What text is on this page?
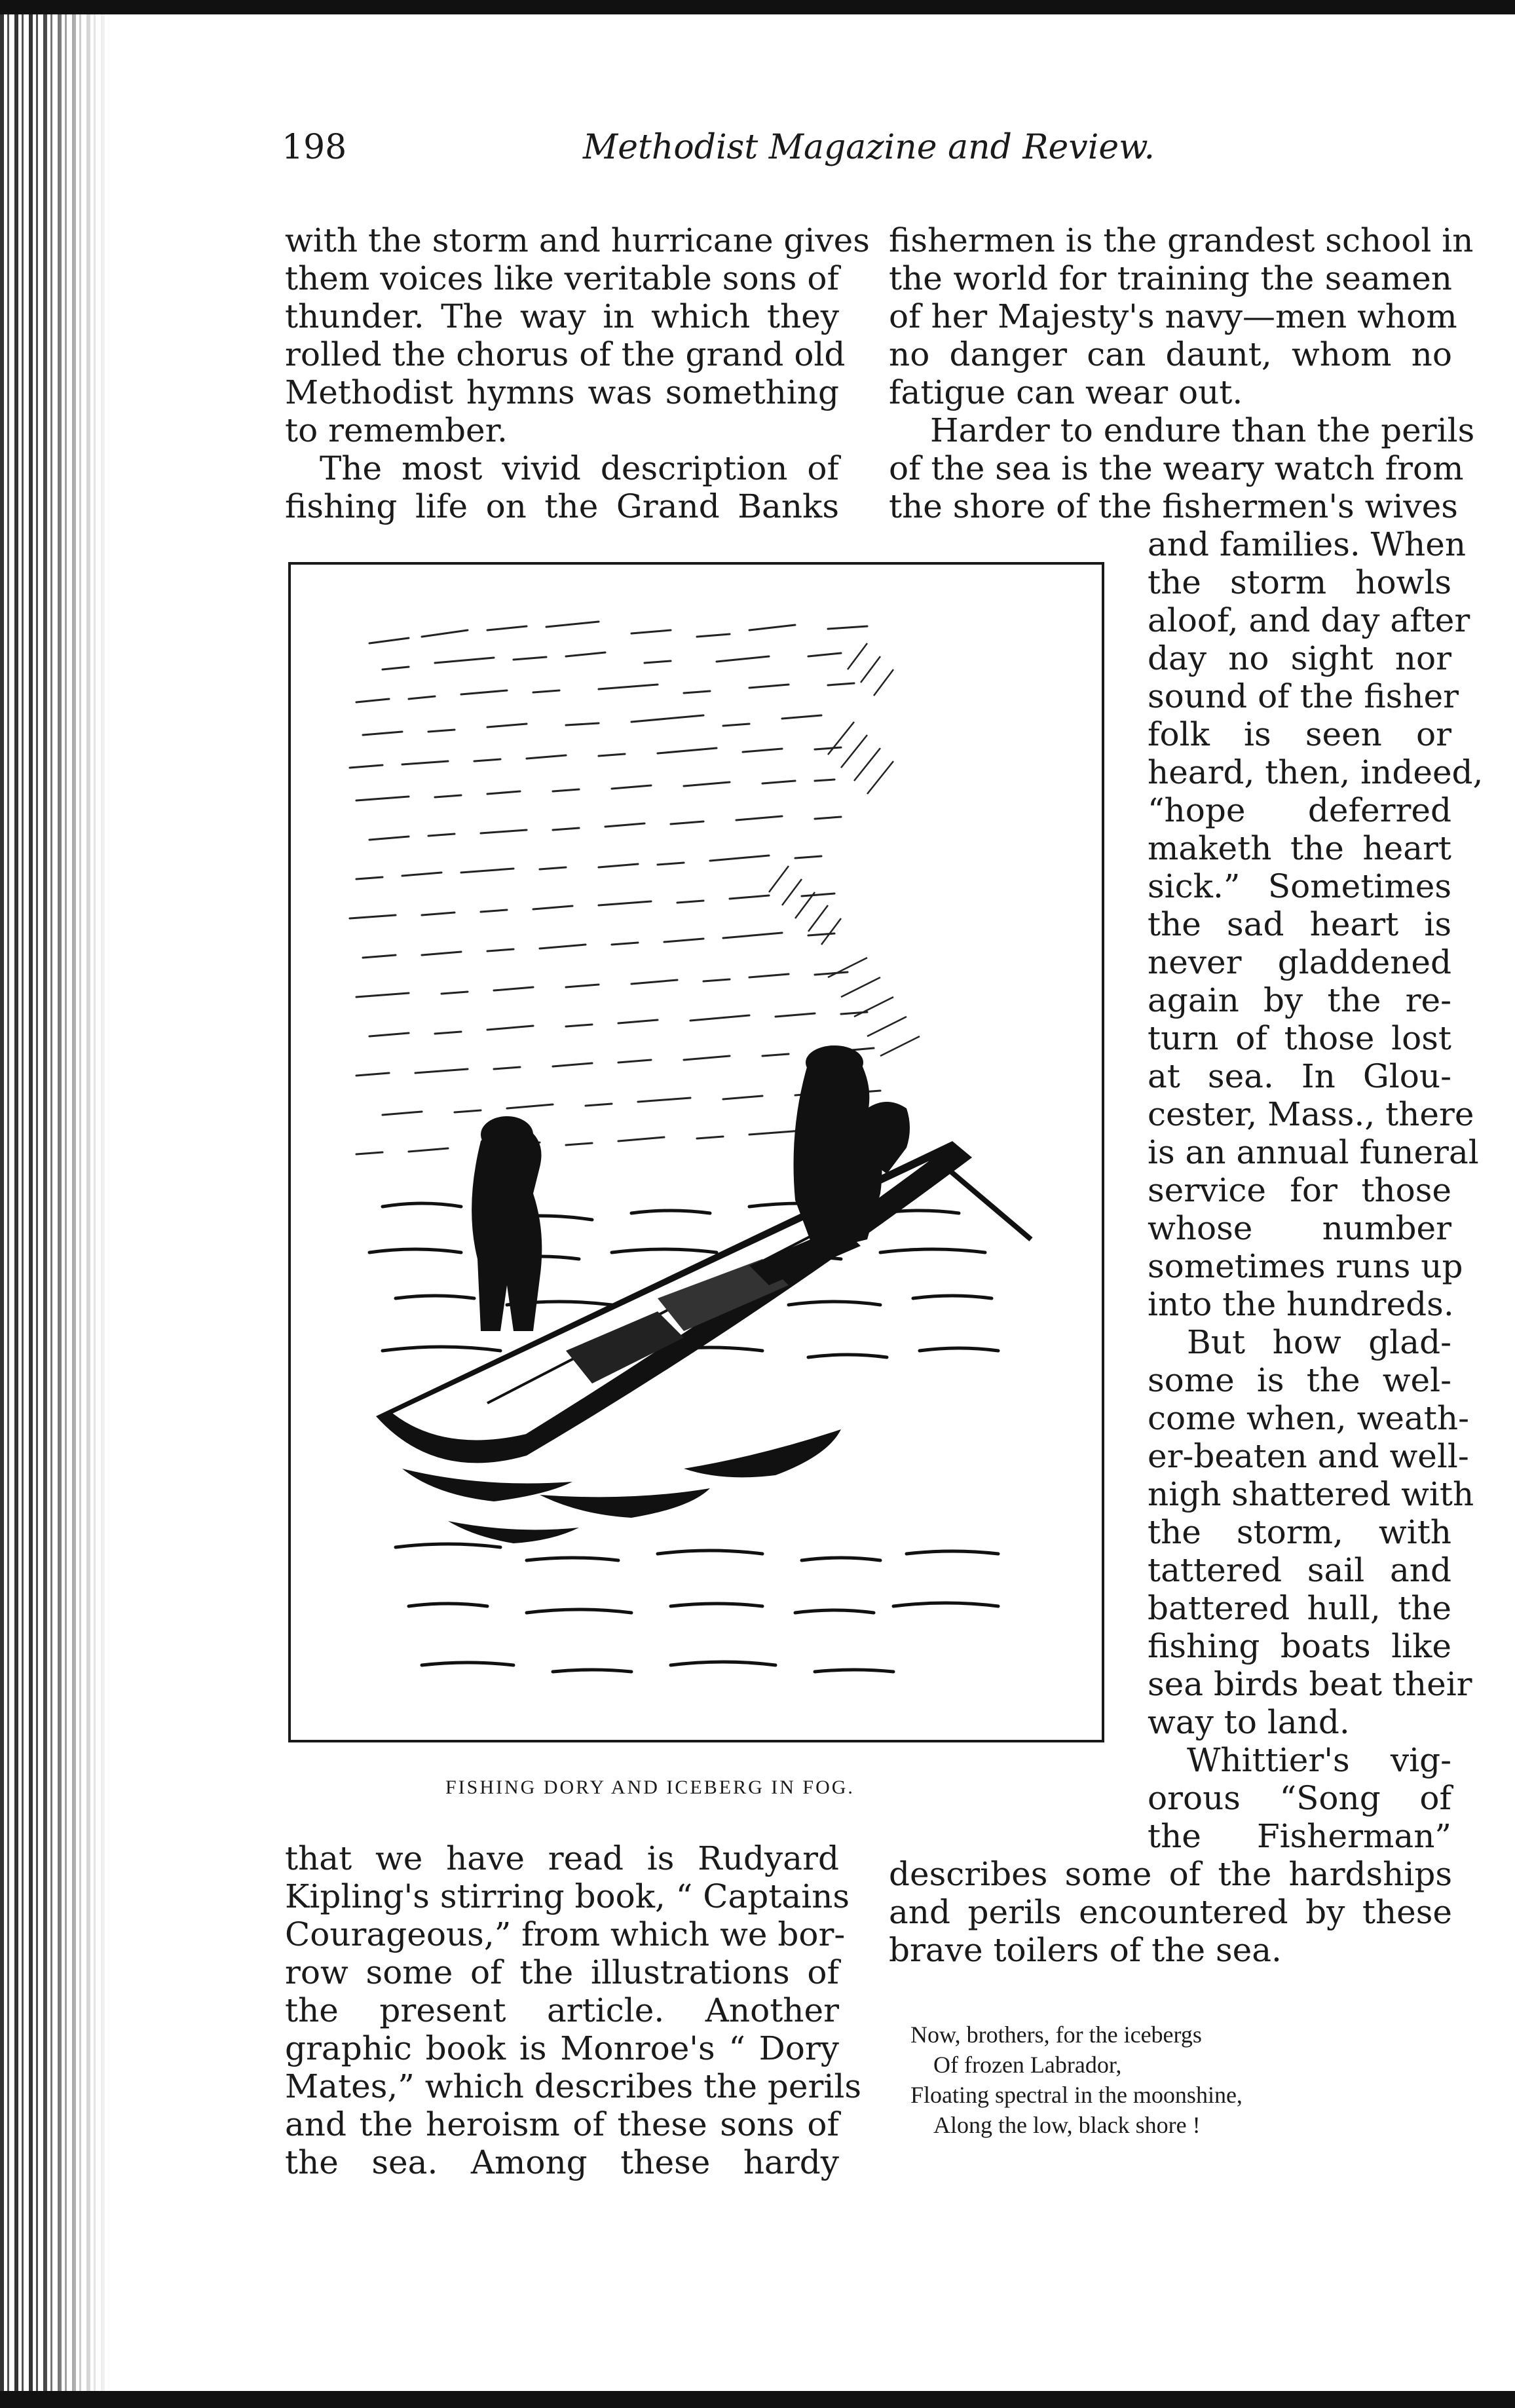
198	Methodist Magazine and Review.
with the storm and hurricane gives
them voices like veritable sons of
thunder. The way in which they
rolled the chorus of the grand old
Methodist hymns was something
to remember.
The most vivid description of
fishing life on the Grand Banks
fishermen is the grandest school in
the world for training the seamen
of her Majesty's navy—men whom
no danger can daunt, whom no
fatigue can wear out.
Harder to endure than the perils
of the sea is the weary watch from
the shore of the fishermen's wives
and families. When
the storm howls
aloof, and day after
day no sight nor
sound of the fisher
folk is seen or
heard, then, indeed,
“hope deferred
maketh the heart
sick.” Sometimes
the sad heart is
never gladdened
again by the re-
turn of those lost
at sea. In Glou-
cester, Mass., there
is an annual funeral
service for those
whose number
sometimes runs up
into the hundreds.
But how glad-
some is the wel-
come when, weath-
er-beaten and well-
nigh shattered with
the storm, with
tattered sail and
battered hull, the
fishing boats like
sea birds beat their
way to land.
Whittier's vig-
orous “Song of
the Fisherman”
FISHING DORY AND ICEBERG IN FOG.
that we have read is Rudyard
Kipling's stirring book, “ Captains
Courageous,” from which we bor-
row some of the illustrations of
the present article. Another
graphic book is Monroe's “ Dory
Mates,” which describes the perils
and the heroism of these sons of
the sea. Among these hardy
describes some of the hardships
and perils encountered by these
brave toilers of the sea.
Now, brothers, for the icebergs
Of frozen Labrador,
Floating spectral in the moonshine,
Along the low, black shore !
